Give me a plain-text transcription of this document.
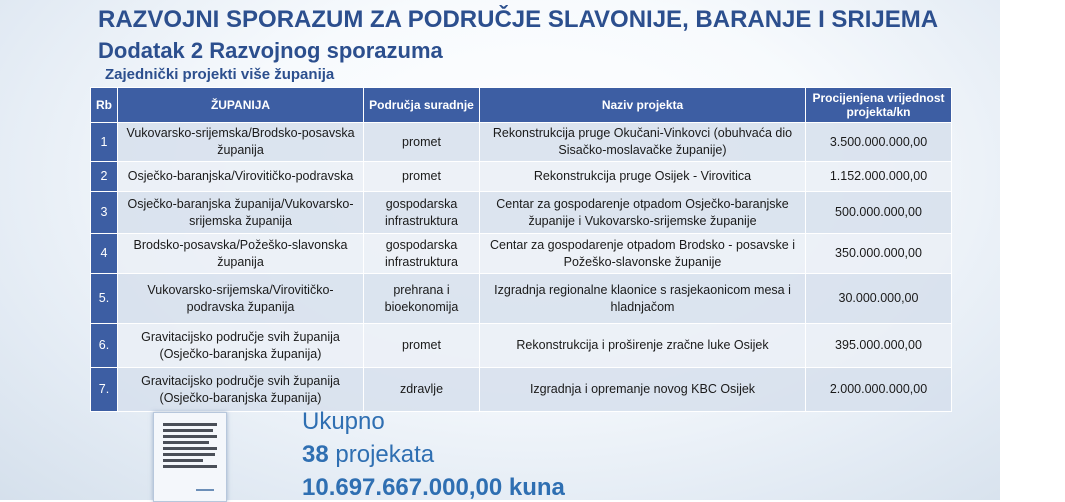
RAZVOJNI SPORAZUM ZA PODRUČJE SLAVONIJE, BARANJE I SRIJEMA
Dodatak 2 Razvojnog sporazuma
Zajednički projekti više županija
Rb	ŽUPANIJA	Područja suradnje	Naziv projekta	Procijenjena vrijednost projekta/kn
1	Vukovarsko-srijemska/Brodsko-posavska županija	promet	Rekonstrukcija pruge Okučani-Vinkovci (obuhvaća dio Sisačko-moslavačke županije)	3.500.000.000,00
2	Osječko-baranjska/Virovitičko-podravska	promet	Rekonstrukcija pruge Osijek - Virovitica	1.152.000.000,00
3	Osječko-baranjska županija/Vukovarsko-srijemska županija	gospodarska infrastruktura	Centar za gospodarenje otpadom Osječko-baranjske županije i Vukovarsko-srijemske županije	500.000.000,00
4	Brodsko-posavska/Požeško-slavonska županija	gospodarska infrastruktura	Centar za gospodarenje otpadom Brodsko - posavske i Požeško-slavonske županije	350.000.000,00
5.	Vukovarsko-srijemska/Virovitičko-podravska županija	prehrana i bioekonomija	Izgradnja regionalne klaonice s rasjekaonicom mesa i hladnjačom	30.000.000,00
6.	Gravitacijsko područje svih županija (Osječko-baranjska županija)	promet	Rekonstrukcija i proširenje zračne luke Osijek	395.000.000,00
7.	Gravitacijsko područje svih županija (Osječko-baranjska županija)	zdravlje	Izgradnja i opremanje novog KBC Osijek	2.000.000.000,00
Ukupno
38 projekata
10.697.667.000,00 kuna
